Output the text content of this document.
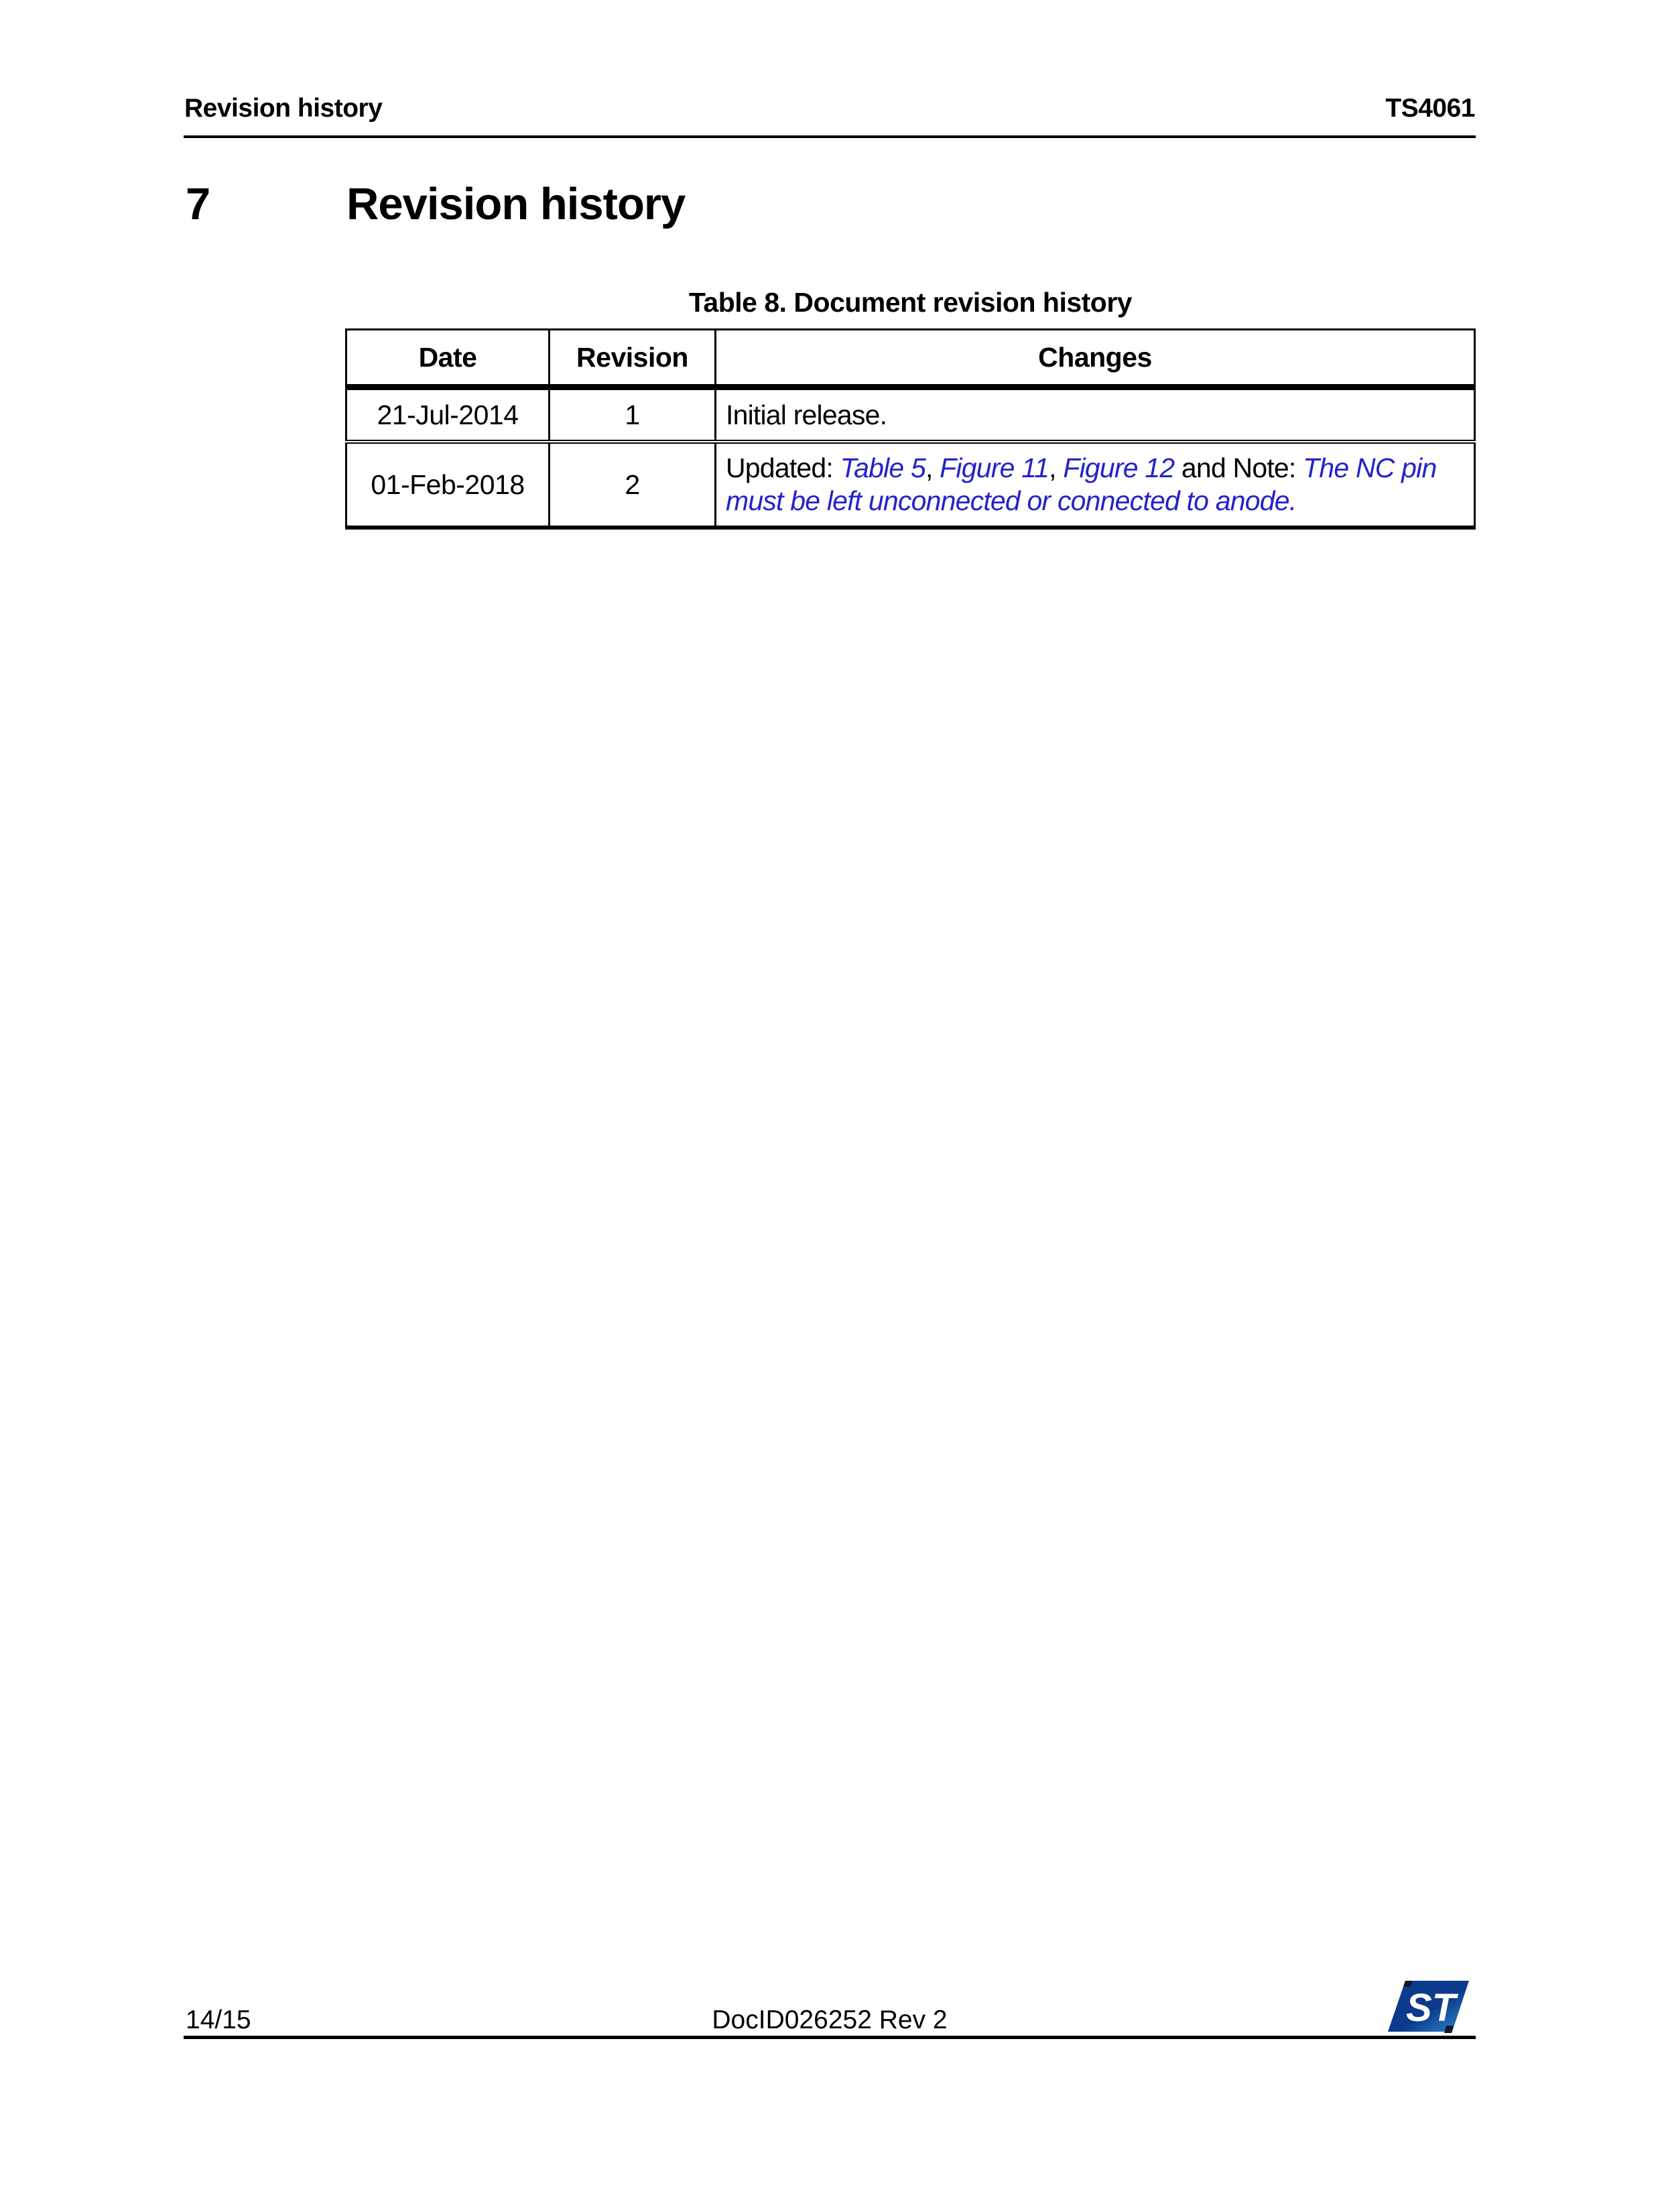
Revision history	TS4061
7	Revision history
Table 8. Document revision history
Date	Revision	Changes
21-Jul-2014	1	Initial release.
01-Feb-2018	2	Updated: Table 5, Figure 11, Figure 12 and Note: The NC pin must be left unconnected or connected to anode.
14/15	DocID026252 Rev 2	ST
